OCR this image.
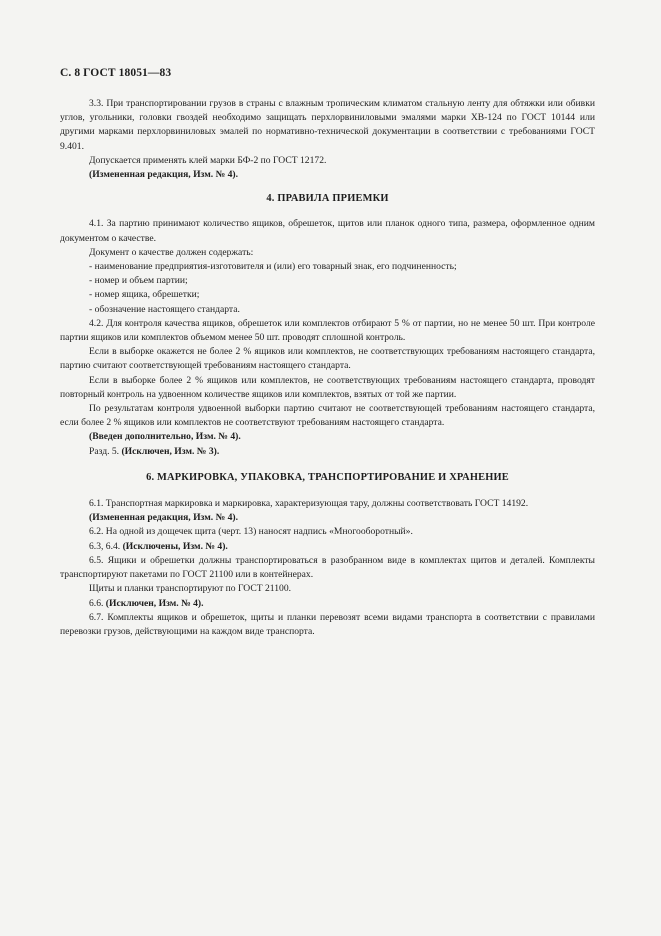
С. 8 ГОСТ 18051—83
3.3. При транспортировании грузов в страны с влажным тропическим климатом стальную ленту для обтяжки или обивки углов, угольники, головки гвоздей необходимо защищать перхлорвиниловыми эмалями марки ХВ-124 по ГОСТ 10144 или другими марками перхлорвиниловых эмалей по нормативно-технической документации в соответствии с требованиями ГОСТ 9.401.
Допускается применять клей марки БФ-2 по ГОСТ 12172.
(Измененная редакция, Изм. № 4).
4. ПРАВИЛА ПРИЕМКИ
4.1. За партию принимают количество ящиков, обрешеток, щитов или планок одного типа, размера, оформленное одним документом о качестве.
Документ о качестве должен содержать:
- наименование предприятия-изготовителя и (или) его товарный знак, его подчиненность;
- номер и объем партии;
- номер ящика, обрешетки;
- обозначение настоящего стандарта.
4.2. Для контроля качества ящиков, обрешеток или комплектов отбирают 5 % от партии, но не менее 50 шт. При контроле партии ящиков или комплектов объемом менее 50 шт. проводят сплошной контроль.
Если в выборке окажется не более 2 % ящиков или комплектов, не соответствующих требованиям настоящего стандарта, партию считают соответствующей требованиям настоящего стандарта.
Если в выборке более 2 % ящиков или комплектов, не соответствующих требованиям настоящего стандарта, проводят повторный контроль на удвоенном количестве ящиков или комплектов, взятых от той же партии.
По результатам контроля удвоенной выборки партию считают не соответствующей требованиям настоящего стандарта, если более 2 % ящиков или комплектов не соответствуют требованиям настоящего стандарта.
(Введен дополнительно, Изм. № 4).
Разд. 5. (Исключен, Изм. № 3).
6. МАРКИРОВКА, УПАКОВКА, ТРАНСПОРТИРОВАНИЕ И ХРАНЕНИЕ
6.1. Транспортная маркировка и маркировка, характеризующая тару, должны соответствовать ГОСТ 14192.
(Измененная редакция, Изм. № 4).
6.2. На одной из дощечек щита (черт. 13) наносят надпись «Многооборотный».
6.3, 6.4. (Исключены, Изм. № 4).
6.5. Ящики и обрешетки должны транспортироваться в разобранном виде в комплектах щитов и деталей. Комплекты транспортируют пакетами по ГОСТ 21100 или в контейнерах.
Щиты и планки транспортируют по ГОСТ 21100.
6.6. (Исключен, Изм. № 4).
6.7. Комплекты ящиков и обрешеток, щиты и планки перевозят всеми видами транспорта в соответствии с правилами перевозки грузов, действующими на каждом виде транспорта.
